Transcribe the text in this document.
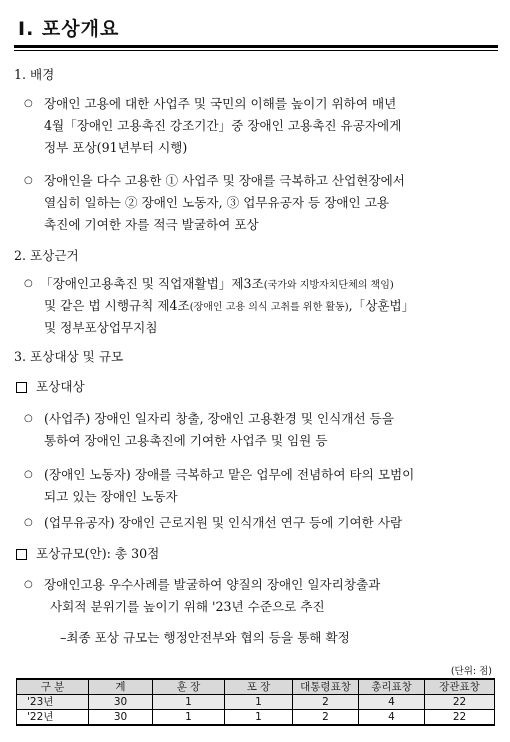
Ⅰ. 포상개요
1. 배경
○ 장애인 고용에 대한 사업주 및 국민의 이해를 높이기 위하여 매년
4월「장애인 고용촉진 강조기간」중 장애인 고용촉진 유공자에게
정부 포상(91년부터 시행)
○ 장애인을 다수 고용한 ① 사업주 및 장애를 극복하고 산업현장에서
열심히 일하는 ② 장애인 노동자, ③ 업무유공자 등 장애인 고용
촉진에 기여한 자를 적극 발굴하여 포상
2. 포상근거
○ 「장애인고용촉진 및 직업재활법」제3조(국가와 지방자치단체의 책임)
및 같은 법 시행규칙 제4조(장애인 고용 의식 고취를 위한 활동),「상훈법」
및 정부포상업무지침
3. 포상대상 및 규모
포상대상
○ (사업주) 장애인 일자리 창출, 장애인 고용환경 및 인식개선 등을
통하여 장애인 고용촉진에 기여한 사업주 및 임원 등
○ (장애인 노동자) 장애를 극복하고 맡은 업무에 전념하여 타의 모범이
되고 있는 장애인 노동자
○ (업무유공자) 장애인 근로지원 및 인식개선 연구 등에 기여한 사람
포상규모(안): 총 30점
○ 장애인고용 우수사례를 발굴하여 양질의 장애인 일자리창출과
사회적 분위기를 높이기 위해 '23년 수준으로 추진
–최종 포상 규모는 행정안전부와 협의 등을 통해 확정
(단위: 점)
구 분	계	훈 장	포 장	대통령표창	총리표창	장관표창
'23년	30	1	1	2	4	22
'22년	30	1	1	2	4	22
